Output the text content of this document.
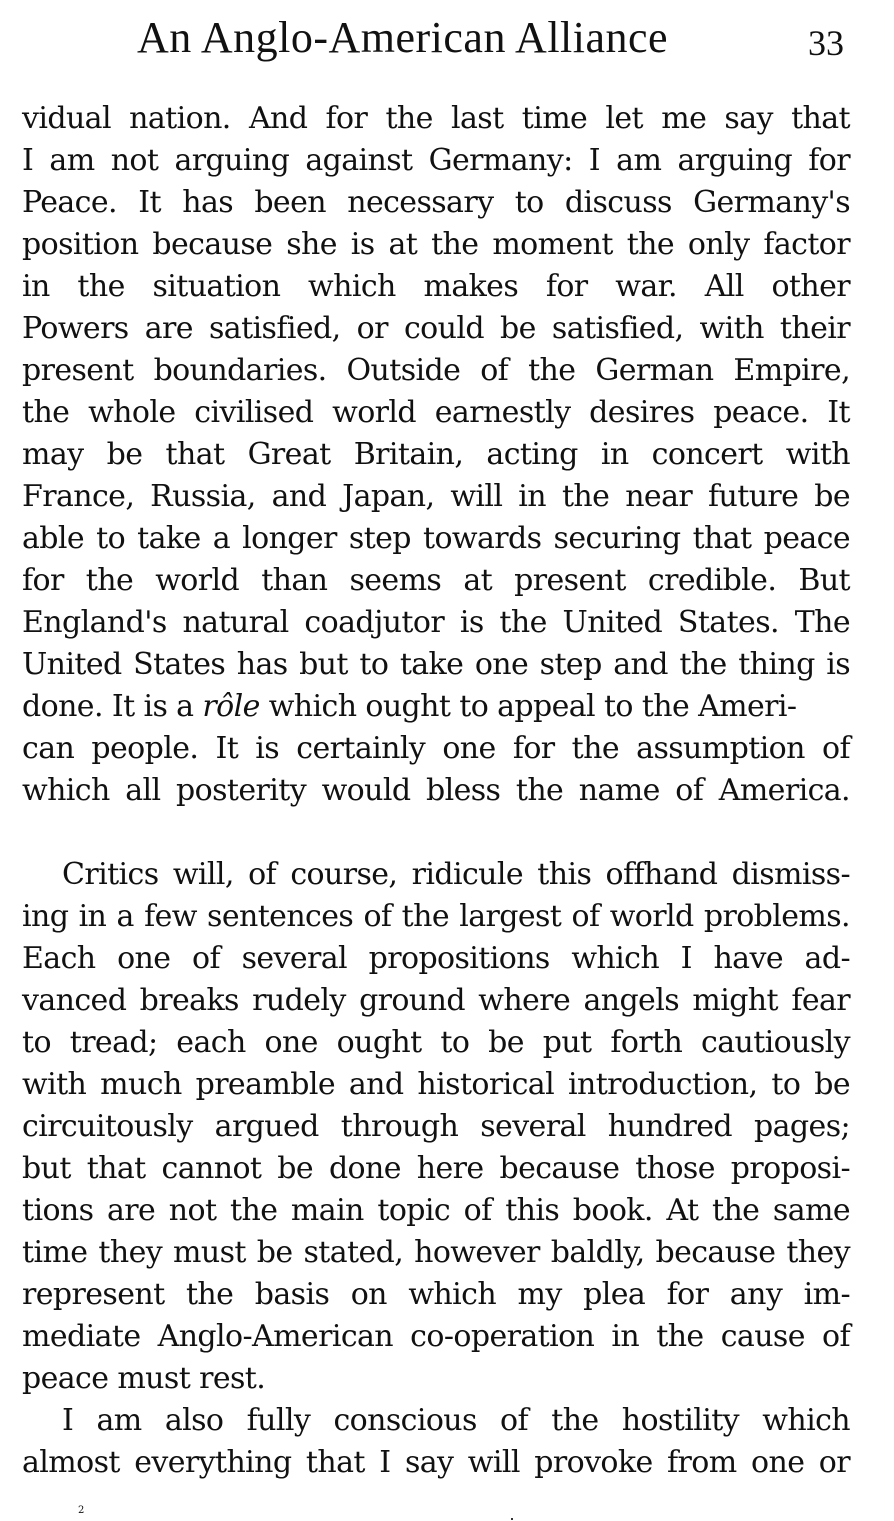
An Anglo-American Alliance	33
vidual nation. And for the last time let me say that
I am not arguing against Germany: I am arguing for
Peace. It has been necessary to discuss Germany's
position because she is at the moment the only factor
in the situation which makes for war. All other
Powers are satisfied, or could be satisfied, with their
present boundaries. Outside of the German Empire,
the whole civilised world earnestly desires peace. It
may be that Great Britain, acting in concert with
France, Russia, and Japan, will in the near future be
able to take a longer step towards securing that peace
for the world than seems at present credible. But
England's natural coadjutor is the United States. The
United States has but to take one step and the thing is
done. It is a rôle which ought to appeal to the Ameri-
can people. It is certainly one for the assumption of
which all posterity would bless the name of America.
Critics will, of course, ridicule this offhand dismiss-
ing in a few sentences of the largest of world problems.
Each one of several propositions which I have ad-
vanced breaks rudely ground where angels might fear
to tread; each one ought to be put forth cautiously
with much preamble and historical introduction, to be
circuitously argued through several hundred pages;
but that cannot be done here because those proposi-
tions are not the main topic of this book. At the same
time they must be stated, however baldly, because they
represent the basis on which my plea for any im-
mediate Anglo-American co-operation in the cause of
peace must rest.
I am also fully conscious of the hostility which
almost everything that I say will provoke from one or
2
